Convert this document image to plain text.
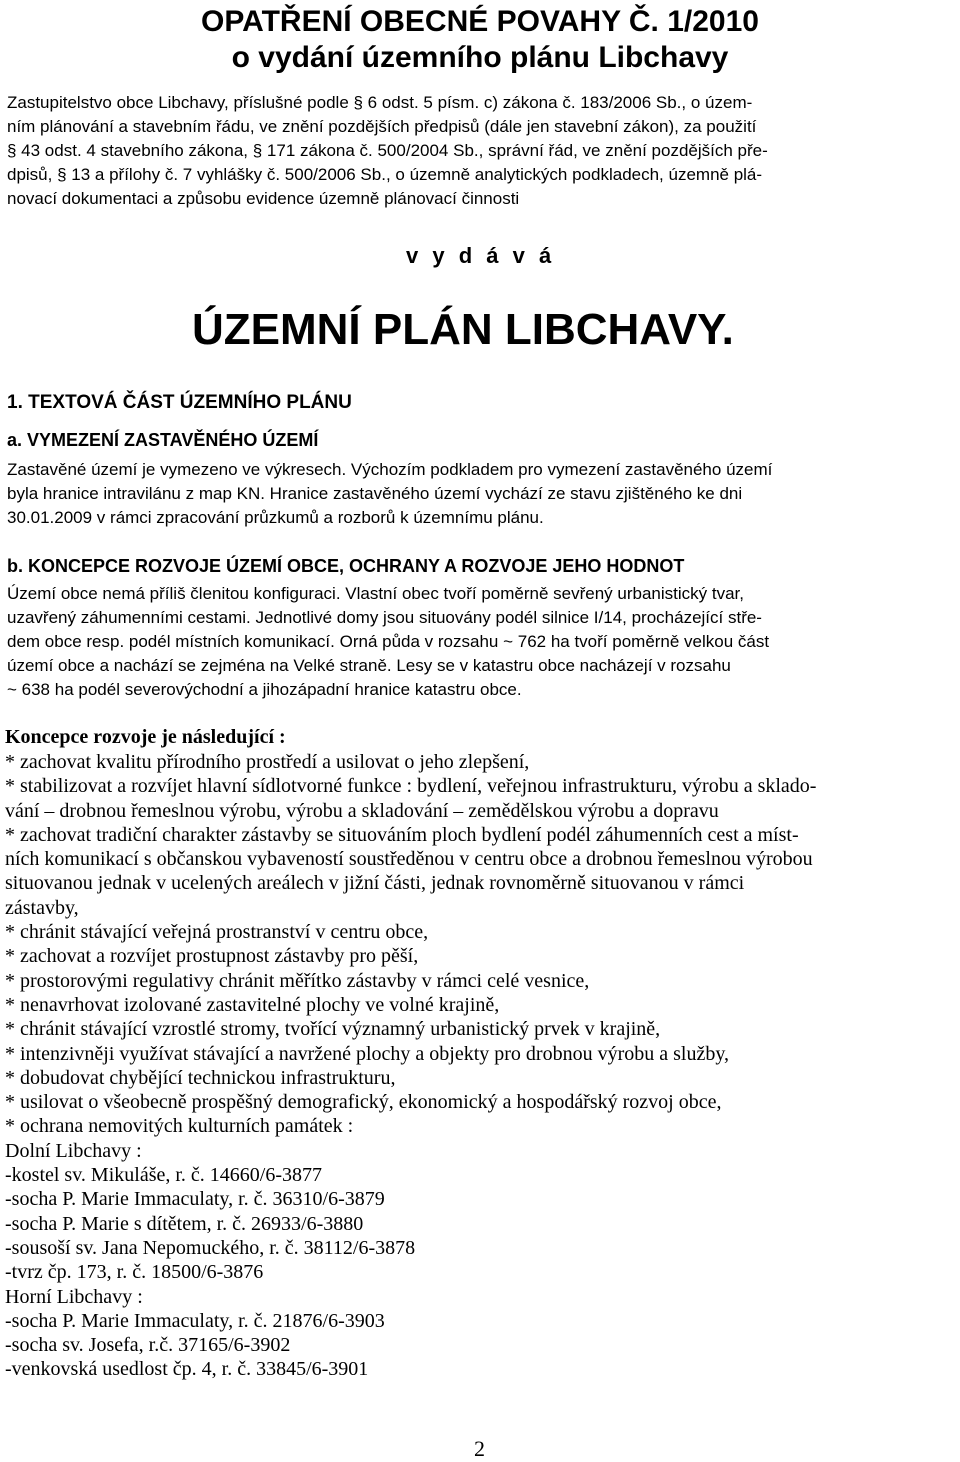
OPATŘENÍ OBECNÉ POVAHY Č. 1/2010
o vydání územního plánu Libchavy
Zastupitelstvo obce Libchavy, příslušné podle § 6 odst. 5 písm. c) zákona č. 183/2006 Sb., o územ-
ním plánování a stavebním řádu, ve znění pozdějších předpisů (dále jen stavební zákon), za použití
§ 43 odst. 4 stavebního zákona, § 171 zákona č. 500/2004 Sb., správní řád, ve znění pozdějších pře-
dpisů, § 13 a přílohy č. 7 vyhlášky č. 500/2006 Sb., o územně analytických podkladech, územně plá-
novací dokumentaci a způsobu evidence územně plánovací činnosti
v y d á v á
ÚZEMNÍ PLÁN LIBCHAVY.
1. TEXTOVÁ ČÁST ÚZEMNÍHO PLÁNU
a. VYMEZENÍ ZASTAVĚNÉHO ÚZEMÍ
Zastavěné území je vymezeno ve výkresech. Výchozím podkladem pro vymezení zastavěného území
byla hranice intravilánu z map KN. Hranice zastavěného území vychází ze stavu zjištěného ke dni
30.01.2009 v rámci zpracování průzkumů a rozborů k územnímu plánu.
b. KONCEPCE ROZVOJE ÚZEMÍ OBCE, OCHRANY A ROZVOJE JEHO HODNOT
Území obce nemá příliš členitou konfiguraci. Vlastní obec tvoří poměrně sevřený urbanistický tvar,
uzavřený záhumenními cestami. Jednotlivé domy jsou situovány podél silnice I/14, procházející stře-
dem obce resp. podél místních komunikací. Orná půda v rozsahu ~ 762 ha tvoří poměrně velkou část
území obce a nachází se zejména na Velké straně. Lesy se v katastru obce nacházejí v rozsahu
~ 638 ha podél severovýchodní a jihozápadní hranice katastru obce.
Koncepce rozvoje je následující :
* zachovat kvalitu přírodního prostředí a usilovat o jeho zlepšení,
* stabilizovat a rozvíjet hlavní sídlotvorné funkce : bydlení, veřejnou infrastrukturu, výrobu a sklado-
vání – drobnou řemeslnou výrobu, výrobu a skladování – zemědělskou výrobu a dopravu
* zachovat tradiční charakter zástavby se situováním ploch bydlení podél záhumenních cest a míst-
ních komunikací s občanskou vybaveností soustředěnou v centru obce a drobnou řemeslnou výrobou
situovanou jednak v ucelených areálech v jižní části, jednak rovnoměrně situovanou v rámci
zástavby,
* chránit stávající veřejná prostranství v centru obce,
* zachovat a rozvíjet prostupnost zástavby pro pěší,
* prostorovými regulativy chránit měřítko zástavby v rámci celé vesnice,
* nenavrhovat izolované zastavitelné plochy ve volné krajině,
* chránit stávající vzrostlé stromy, tvořící významný urbanistický prvek v krajině,
* intenzivněji využívat stávající a navržené plochy a objekty pro drobnou výrobu a služby,
* dobudovat chybějící technickou infrastrukturu,
* usilovat o všeobecně prospěšný demografický, ekonomický a hospodářský rozvoj obce,
* ochrana nemovitých kulturních památek :
Dolní Libchavy :
-kostel sv. Mikuláše, r. č. 14660/6-3877
-socha P. Marie Immaculaty, r. č. 36310/6-3879
-socha P. Marie s dítětem, r. č. 26933/6-3880
-sousoší sv. Jana Nepomuckého, r. č. 38112/6-3878
-tvrz čp. 173, r. č. 18500/6-3876
Horní Libchavy :
-socha P. Marie Immaculaty, r. č. 21876/6-3903
-socha sv. Josefa, r.č. 37165/6-3902
-venkovská usedlost čp. 4, r. č. 33845/6-3901
2
